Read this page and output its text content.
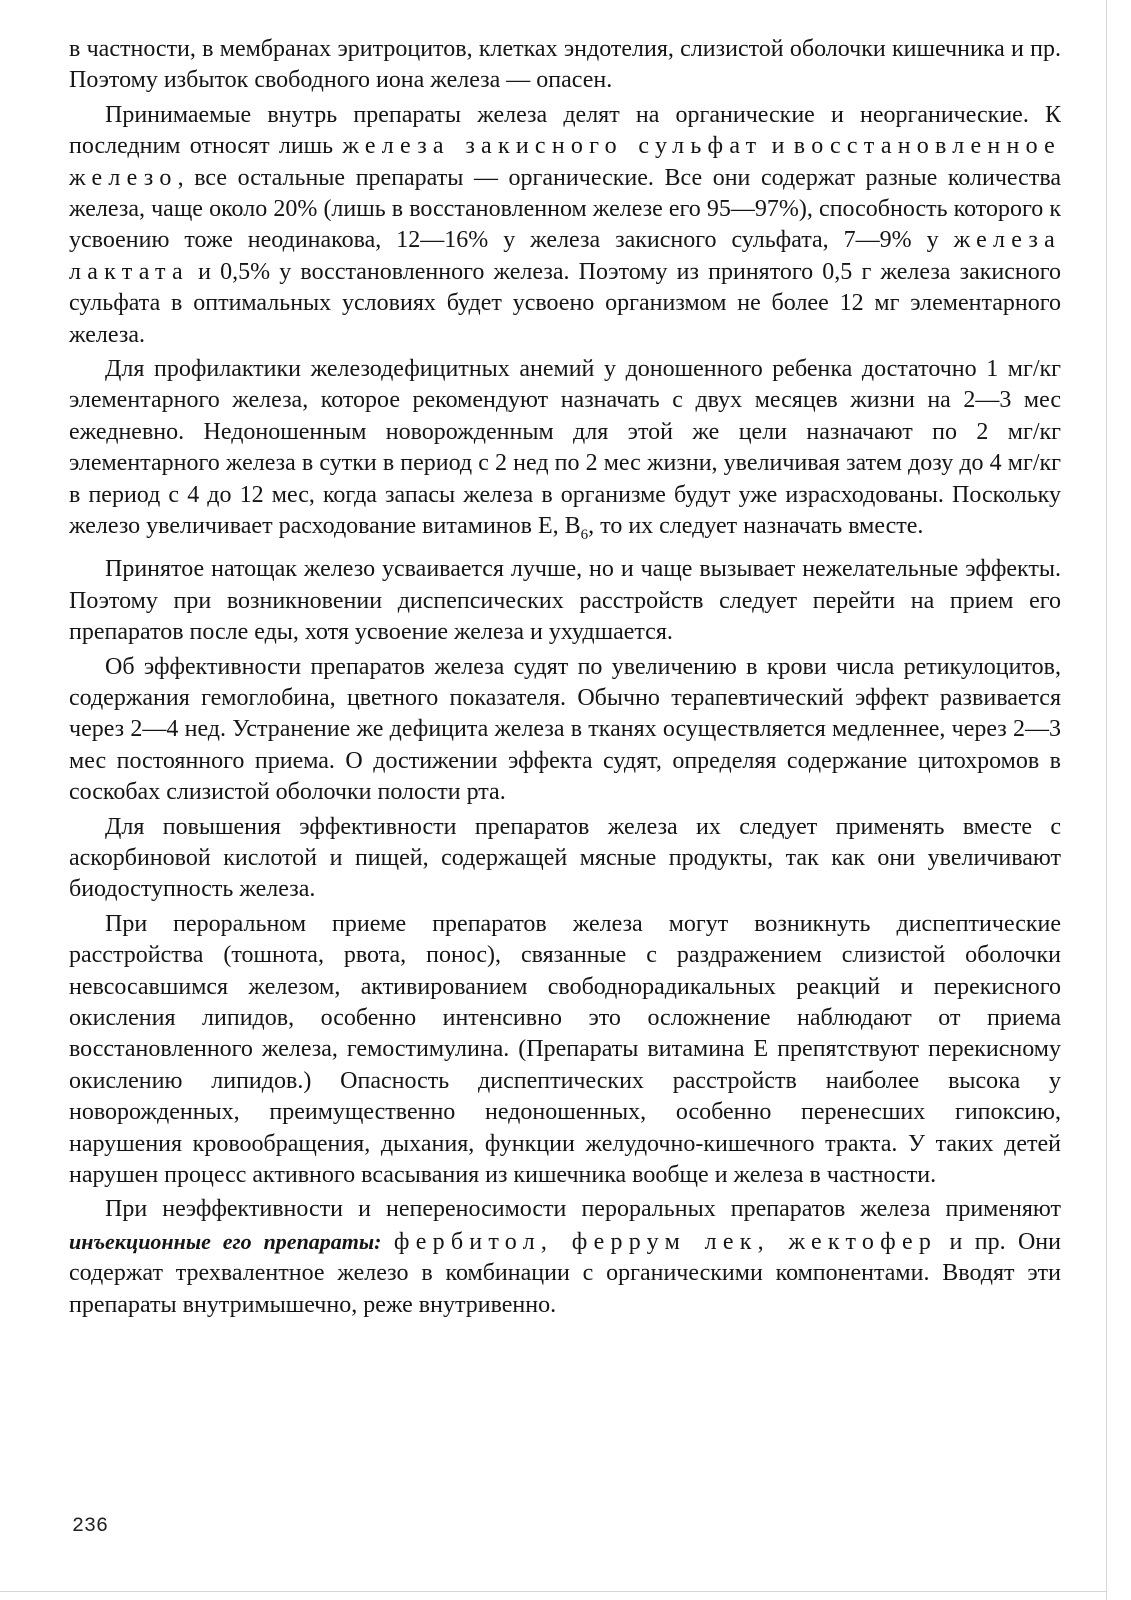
в частности, в мембранах эритроцитов, клетках эндотелия, слизистой оболочки кишечника и пр. Поэтому избыток свободного иона железа — опасен.

Принимаемые внутрь препараты железа делят на органические и неорганические. К последним относят лишь железа закисного сульфат и восстановленное железо, все остальные препараты — органические. Все они содержат разные количества железа, чаще около 20% (лишь в восстановленном железе его 95—97%), способность которого к усвоению тоже неодинакова, 12—16% у железа закисного сульфата, 7—9% у железа лактата и 0,5% у восстановленного железа. Поэтому из принятого 0,5 г железа закисного сульфата в оптимальных условиях будет усвоено организмом не более 12 мг элементарного железа.

Для профилактики железодефицитных анемий у доношенного ребенка достаточно 1 мг/кг элементарного железа, которое рекомендуют назначать с двух месяцев жизни на 2—3 мес ежедневно. Недоношенным новорожденным для этой же цели назначают по 2 мг/кг элементарного железа в сутки в период с 2 нед по 2 мес жизни, увеличивая затем дозу до 4 мг/кг в период с 4 до 12 мес, когда запасы железа в организме будут уже израсходованы. Поскольку железо увеличивает расходование витаминов Е, $B_6$, то их следует назначать вместе.

Принятое натощак железо усваивается лучше, но и чаще вызывает нежелательные эффекты. Поэтому при возникновении диспепсических расстройств следует перейти на прием его препаратов после еды, хотя усвоение железа и ухудшается.

Об эффективности препаратов железа судят по увеличению в крови числа ретикулоцитов, содержания гемоглобина, цветного показателя. Обычно терапевтический эффект развивается через 2—4 нед. Устранение же дефицита железа в тканях осуществляется медленнее, через 2—3 мес постоянного приема. О достижении эффекта судят, определяя содержание цитохромов в соскобах слизистой оболочки полости рта.

Для повышения эффективности препаратов железа их следует применять вместе с аскорбиновой кислотой и пищей, содержащей мясные продукты, так как они увеличивают биодоступность железа.

При пероральном приеме препаратов железа могут возникнуть диспептические расстройства (тошнота, рвота, понос), связанные с раздражением слизистой оболочки невсосавшимся железом, активированием свободнорадикальных реакций и перекисного окисления липидов, особенно интенсивно это осложнение наблюдают от приема восстановленного железа, гемостимулина. (Препараты витамина Е препятствуют перекисному окислению липидов.) Опасность диспептических расстройств наиболее высока у новорожденных, преимущественно недоношенных, особенно перенесших гипоксию, нарушения кровообращения, дыхания, функции желудочно-кишечного тракта. У таких детей нарушен процесс активного всасывания из кишечника вообще и железа в частности.

При неэффективности и непереносимости пероральных препаратов железа применяют инъекционные его препараты: фербитол, феррум лек, жектофер и пр. Они содержат трехвалентное железо в комбинации с органическими компонентами. Вводят эти препараты внутримышечно, реже внутривенно.

236
